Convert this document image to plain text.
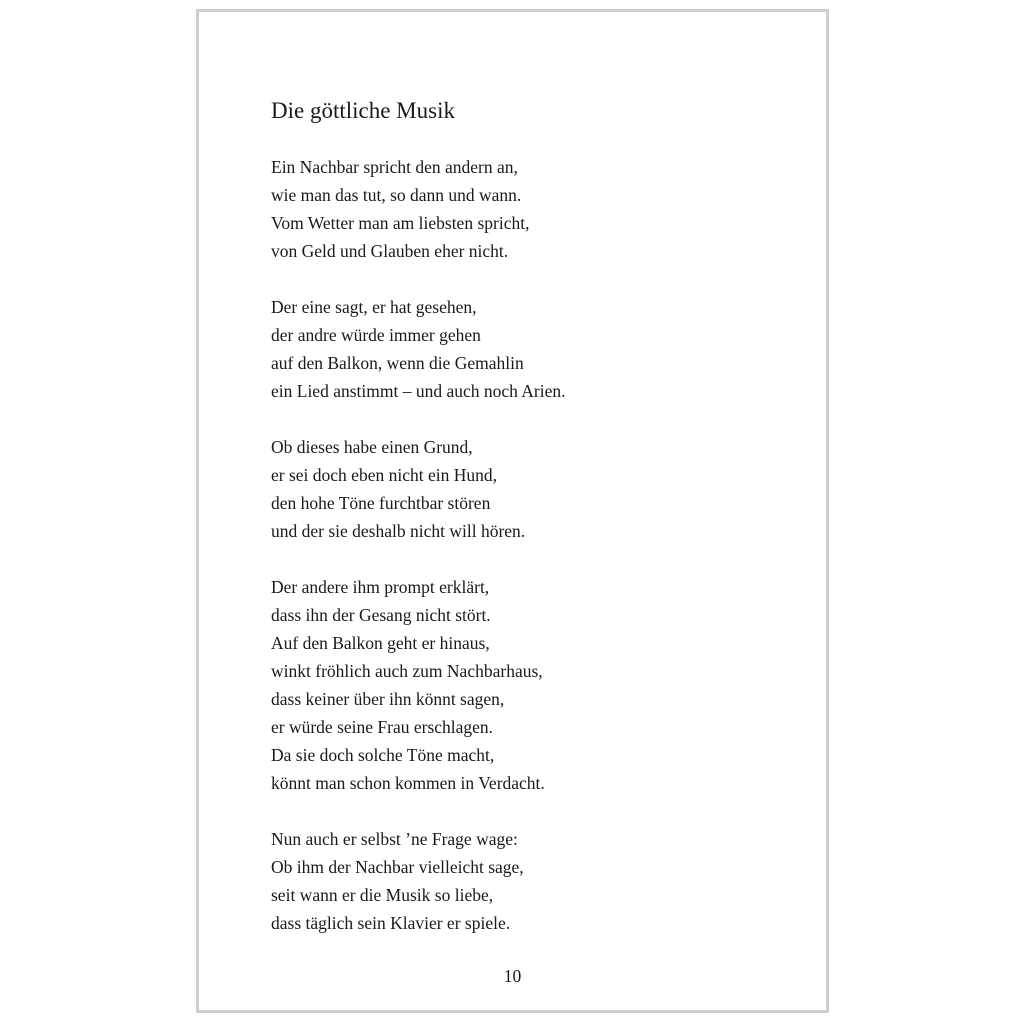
Die göttliche Musik
Ein Nachbar spricht den andern an,
wie man das tut, so dann und wann.
Vom Wetter man am liebsten spricht,
von Geld und Glauben eher nicht.
Der eine sagt, er hat gesehen,
der andre würde immer gehen
auf den Balkon, wenn die Gemahlin
ein Lied anstimmt – und auch noch Arien.
Ob dieses habe einen Grund,
er sei doch eben nicht ein Hund,
den hohe Töne furchtbar stören
und der sie deshalb nicht will hören.
Der andere ihm prompt erklärt,
dass ihn der Gesang nicht stört.
Auf den Balkon geht er hinaus,
winkt fröhlich auch zum Nachbarhaus,
dass keiner über ihn könnt sagen,
er würde seine Frau erschlagen.
Da sie doch solche Töne macht,
könnt man schon kommen in Verdacht.
Nun auch er selbst ’ne Frage wage:
Ob ihm der Nachbar vielleicht sage,
seit wann er die Musik so liebe,
dass täglich sein Klavier er spiele.
10
